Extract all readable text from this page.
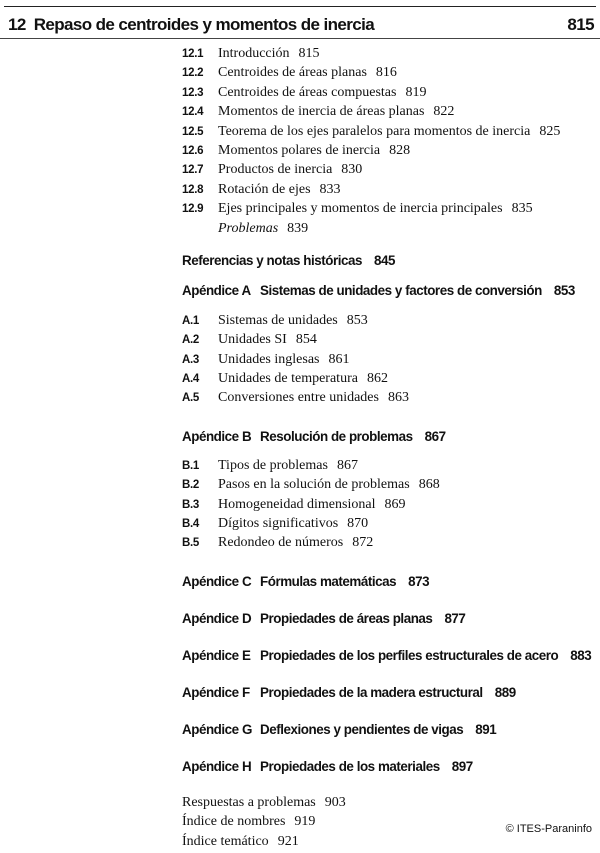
12 Repaso de centroides y momentos de inercia	815
12.1	Introducción 815
12.2	Centroides de áreas planas 816
12.3	Centroides de áreas compuestas 819
12.4	Momentos de inercia de áreas planas 822
12.5	Teorema de los ejes paralelos para momentos de inercia 825
12.6	Momentos polares de inercia 828
12.7	Productos de inercia 830
12.8	Rotación de ejes 833
12.9	Ejes principales y momentos de inercia principales 835
Problemas 839
Referencias y notas históricas 845
Apéndice A Sistemas de unidades y factores de conversión 853
A.1	Sistemas de unidades 853
A.2	Unidades SI 854
A.3	Unidades inglesas 861
A.4	Unidades de temperatura 862
A.5	Conversiones entre unidades 863
Apéndice B Resolución de problemas 867
B.1	Tipos de problemas 867
B.2	Pasos en la solución de problemas 868
B.3	Homogeneidad dimensional 869
B.4	Dígitos significativos 870
B.5	Redondeo de números 872
Apéndice C Fórmulas matemáticas 873
Apéndice D Propiedades de áreas planas 877
Apéndice E Propiedades de los perfiles estructurales de acero 883
Apéndice F Propiedades de la madera estructural 889
Apéndice G Deflexiones y pendientes de vigas 891
Apéndice H Propiedades de los materiales 897
Respuestas a problemas 903
Índice de nombres 919
Índice temático 921
© ITES-Paraninfo
